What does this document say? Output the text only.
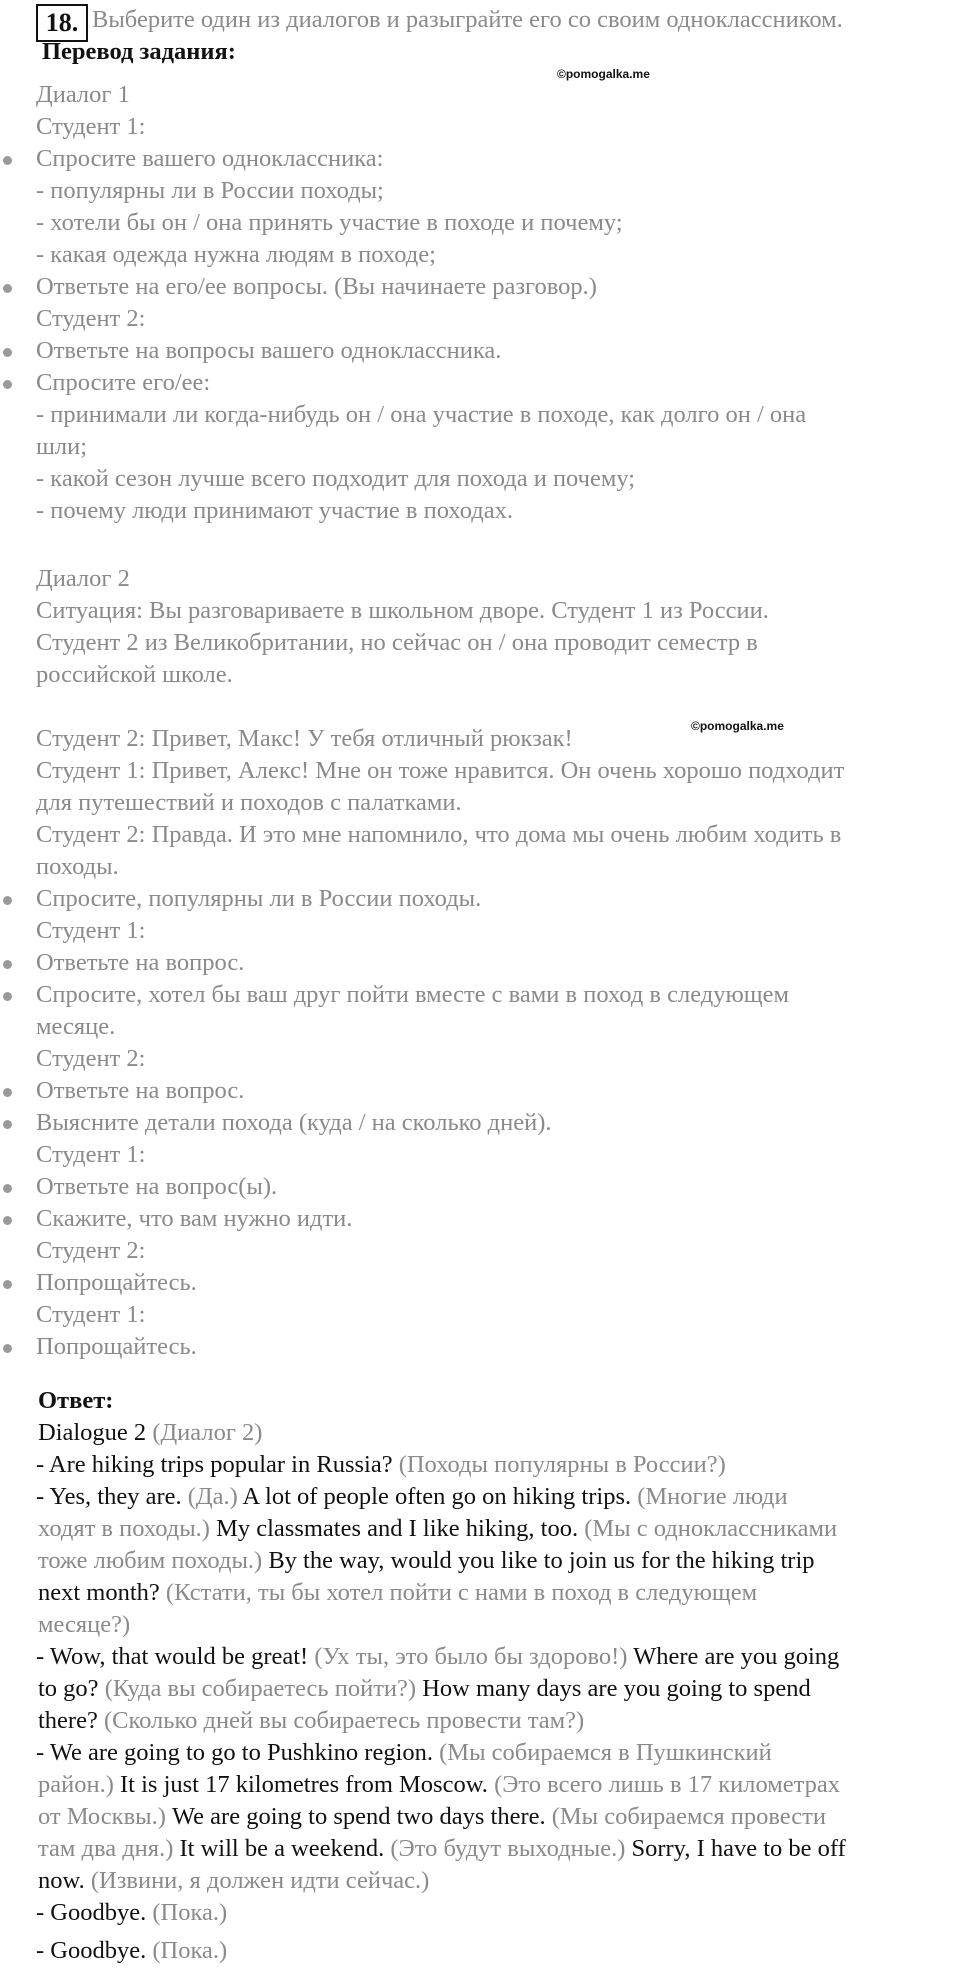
18. Выберите один из диалогов и разыграйте его со своим одноклассником.
Перевод задания:
©pomogalka.me
Диалог 1
Студент 1:
Спросите вашего одноклассника:
- популярны ли в России походы;
- хотели бы он / она принять участие в походе и почему;
- какая одежда нужна людям в походе;
Ответьте на его/ее вопросы. (Вы начинаете разговор.)
Студент 2:
Ответьте на вопросы вашего одноклассника.
Спросите его/ее:
- принимали ли когда-нибудь он / она участие в походе, как долго он / она
шли;
- какой сезон лучше всего подходит для похода и почему;
- почему люди принимают участие в походах.
Диалог 2
Ситуация: Вы разговариваете в школьном дворе. Студент 1 из России.
Студент 2 из Великобритании, но сейчас он / она проводит семестр в
российской школе.
©pomogalka.me
Студент 2: Привет, Макс! У тебя отличный рюкзак!
Студент 1: Привет, Алекс! Мне он тоже нравится. Он очень хорошо подходит
для путешествий и походов с палатками.
Студент 2: Правда. И это мне напомнило, что дома мы очень любим ходить в
походы.
Спросите, популярны ли в России походы.
Студент 1:
Ответьте на вопрос.
Спросите, хотел бы ваш друг пойти вместе с вами в поход в следующем
месяце.
Студент 2:
Ответьте на вопрос.
Выясните детали похода (куда / на сколько дней).
Студент 1:
Ответьте на вопрос(ы).
Скажите, что вам нужно идти.
Студент 2:
Попрощайтесь.
Студент 1:
Попрощайтесь.
Ответ:
Dialogue 2 (Диалог 2)
- Are hiking trips popular in Russia? (Походы популярны в России?)
- Yes, they are. (Да.) A lot of people often go on hiking trips. (Многие люди
ходят в походы.) My classmates and I like hiking, too. (Мы с одноклассниками
тоже любим походы.) By the way, would you like to join us for the hiking trip
next month? (Кстати, ты бы хотел пойти с нами в поход в следующем
месяце?)
- Wow, that would be great! (Ух ты, это было бы здорово!) Where are you going
to go? (Куда вы собираетесь пойти?) How many days are you going to spend
there? (Сколько дней вы собираетесь провести там?)
- We are going to go to Pushkino region. (Мы собираемся в Пушкинский
район.) It is just 17 kilometres from Moscow. (Это всего лишь в 17 километрах
от Москвы.) We are going to spend two days there. (Мы собираемся провести
там два дня.) It will be a weekend. (Это будут выходные.) Sorry, I have to be off
now. (Извини, я должен идти сейчас.)
- Goodbye. (Пока.)
- Goodbye. (Пока.)
